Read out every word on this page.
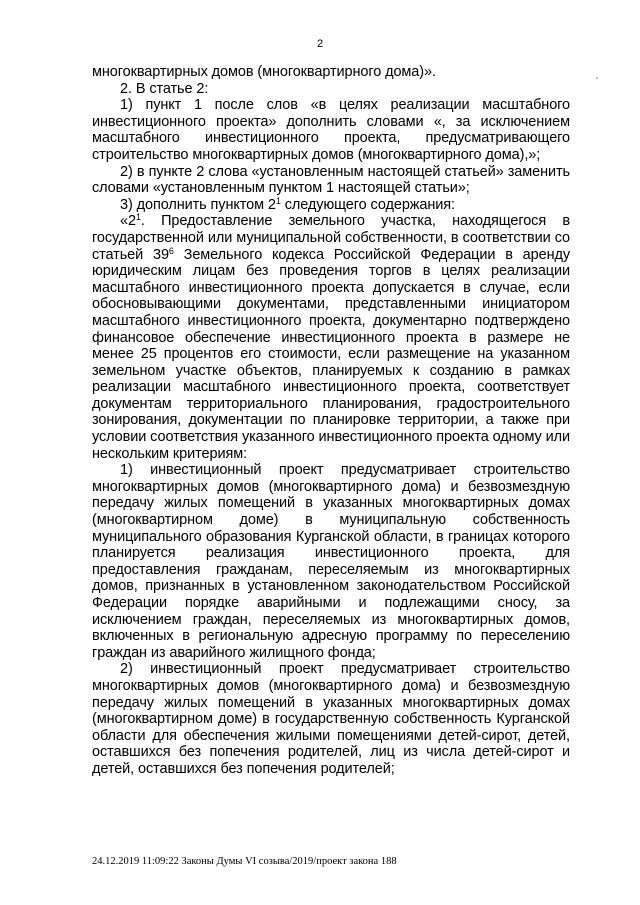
2

многоквартирных домов (многоквартирного дома)».

2. В статье 2:

1) пункт 1 после слов «в целях реализации масштабного инвестиционного проекта» дополнить словами «, за исключением масштабного инвестиционного проекта, предусматривающего строительство многоквартирных домов (многоквартирного дома),»;

2) в пункте 2 слова «установленным настоящей статьей» заменить словами «установленным пунктом 1 настоящей статьи»;

3) дополнить пунктом $2^1$ следующего содержания:

«$2^1$. Предоставление земельного участка, находящегося в государственной или муниципальной собственности, в соответствии со статьей $39^6$ Земельного кодекса Российской Федерации в аренду юридическим лицам без проведения торгов в целях реализации масштабного инвестиционного проекта допускается в случае, если обосновывающими документами, представленными инициатором масштабного инвестиционного проекта, документарно подтверждено финансовое обеспечение инвестиционного проекта в размере не менее 25 процентов его стоимости, если размещение на указанном земельном участке объектов, планируемых к созданию в рамках реализации масштабного инвестиционного проекта, соответствует документам территориального планирования, градостроительного зонирования, документации по планировке территории, а также при условии соответствия указанного инвестиционного проекта одному или нескольким критериям:

1) инвестиционный проект предусматривает строительство многоквартирных домов (многоквартирного дома) и безвозмездную передачу жилых помещений в указанных многоквартирных домах (многоквартирном доме) в муниципальную собственность муниципального образования Курганской области, в границах которого планируется реализация инвестиционного проекта, для предоставления гражданам, переселяемым из многоквартирных домов, признанных в установленном законодательством Российской Федерации порядке аварийными и подлежащими сносу, за исключением граждан, переселяемых из многоквартирных домов, включенных в региональную адресную программу по переселению граждан из аварийного жилищного фонда;

2) инвестиционный проект предусматривает строительство многоквартирных домов (многоквартирного дома) и безвозмездную передачу жилых помещений в указанных многоквартирных домах (многоквартирном доме) в государственную собственность Курганской области для обеспечения жилыми помещениями детей-сирот, детей, оставшихся без попечения родителей, лиц из числа детей-сирот и детей, оставшихся без попечения родителей;

24.12.2019 11:09:22 Законы Думы VI созыва/2019/проект закона 188
